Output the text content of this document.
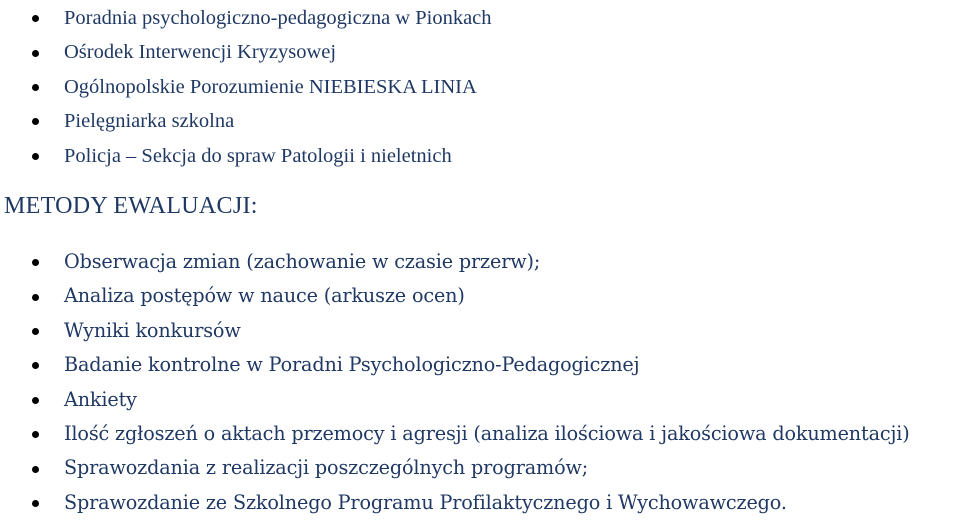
Poradnia psychologiczno-pedagogiczna w Pionkach
Ośrodek Interwencji Kryzysowej
Ogólnopolskie Porozumienie NIEBIESKA LINIA
Pielęgniarka szkolna
Policja – Sekcja do spraw Patologii i nieletnich
METODY EWALUACJI:
Obserwacja zmian (zachowanie w czasie przerw);
Analiza postępów w nauce (arkusze ocen)
Wyniki konkursów
Badanie kontrolne w Poradni Psychologiczno-Pedagogicznej
Ankiety
Ilość zgłoszeń o aktach przemocy i agresji (analiza ilościowa i jakościowa dokumentacji)
Sprawozdania z realizacji poszczególnych programów;
Sprawozdanie ze Szkolnego Programu Profilaktycznego i Wychowawczego.
